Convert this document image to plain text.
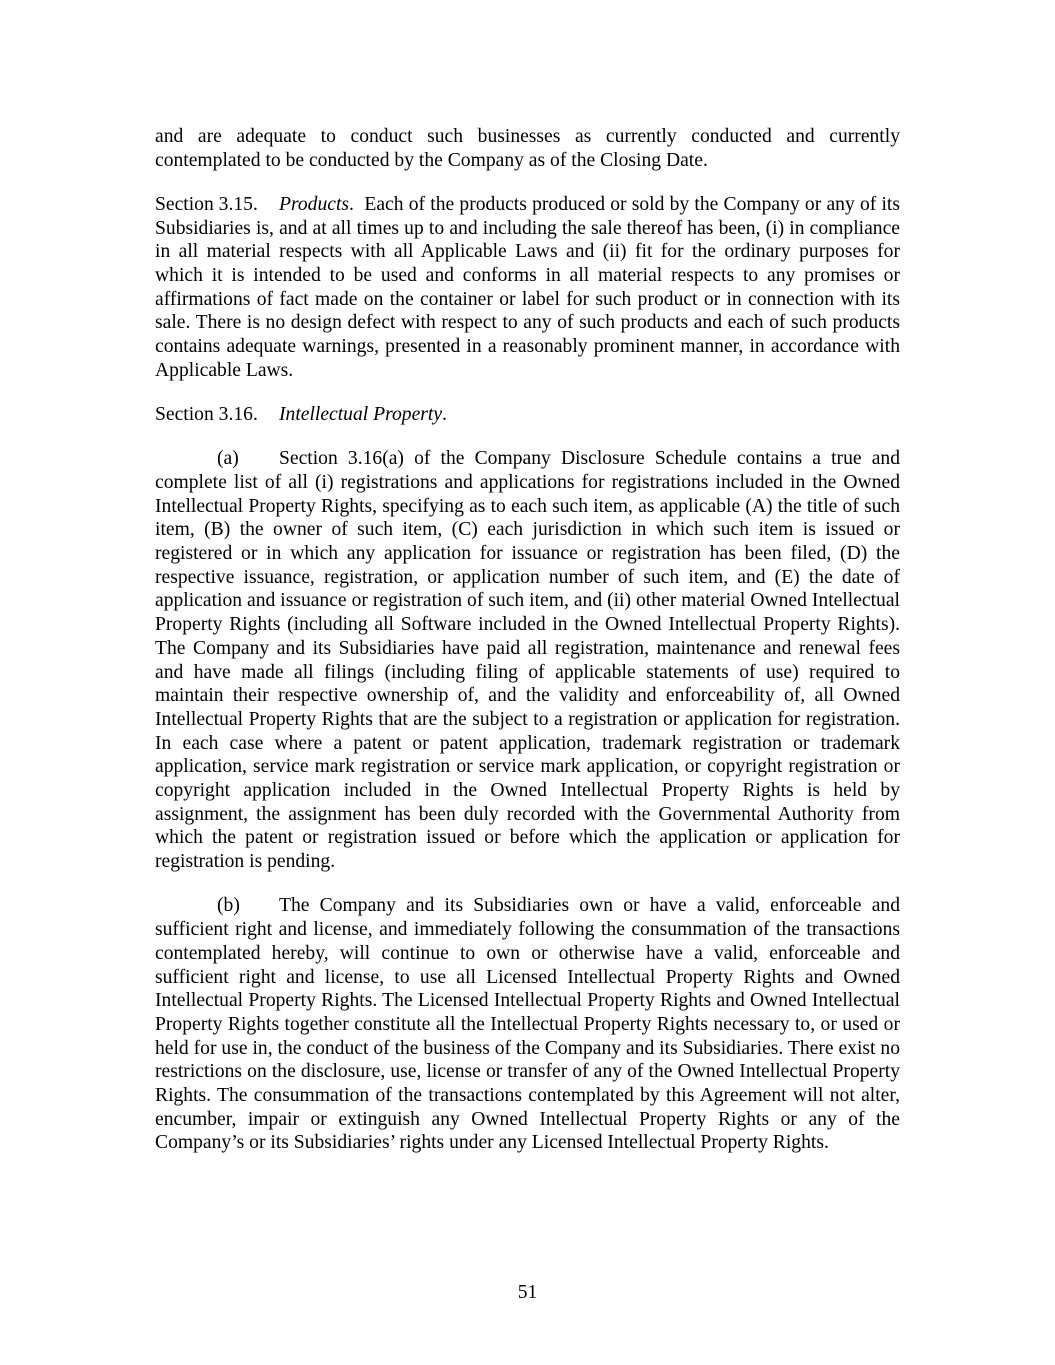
and are adequate to conduct such businesses as currently conducted and currently contemplated to be conducted by the Company as of the Closing Date.

Section 3.15. Products. Each of the products produced or sold by the Company or any of its Subsidiaries is, and at all times up to and including the sale thereof has been, (i) in compliance in all material respects with all Applicable Laws and (ii) fit for the ordinary purposes for which it is intended to be used and conforms in all material respects to any promises or affirmations of fact made on the container or label for such product or in connection with its sale. There is no design defect with respect to any of such products and each of such products contains adequate warnings, presented in a reasonably prominent manner, in accordance with Applicable Laws.

Section 3.16. Intellectual Property.

(a) Section 3.16(a) of the Company Disclosure Schedule contains a true and complete list of all (i) registrations and applications for registrations included in the Owned Intellectual Property Rights, specifying as to each such item, as applicable (A) the title of such item, (B) the owner of such item, (C) each jurisdiction in which such item is issued or registered or in which any application for issuance or registration has been filed, (D) the respective issuance, registration, or application number of such item, and (E) the date of application and issuance or registration of such item, and (ii) other material Owned Intellectual Property Rights (including all Software included in the Owned Intellectual Property Rights). The Company and its Subsidiaries have paid all registration, maintenance and renewal fees and have made all filings (including filing of applicable statements of use) required to maintain their respective ownership of, and the validity and enforceability of, all Owned Intellectual Property Rights that are the subject to a registration or application for registration. In each case where a patent or patent application, trademark registration or trademark application, service mark registration or service mark application, or copyright registration or copyright application included in the Owned Intellectual Property Rights is held by assignment, the assignment has been duly recorded with the Governmental Authority from which the patent or registration issued or before which the application or application for registration is pending.

(b) The Company and its Subsidiaries own or have a valid, enforceable and sufficient right and license, and immediately following the consummation of the transactions contemplated hereby, will continue to own or otherwise have a valid, enforceable and sufficient right and license, to use all Licensed Intellectual Property Rights and Owned Intellectual Property Rights. The Licensed Intellectual Property Rights and Owned Intellectual Property Rights together constitute all the Intellectual Property Rights necessary to, or used or held for use in, the conduct of the business of the Company and its Subsidiaries. There exist no restrictions on the disclosure, use, license or transfer of any of the Owned Intellectual Property Rights. The consummation of the transactions contemplated by this Agreement will not alter, encumber, impair or extinguish any Owned Intellectual Property Rights or any of the Company’s or its Subsidiaries’ rights under any Licensed Intellectual Property Rights.

51
